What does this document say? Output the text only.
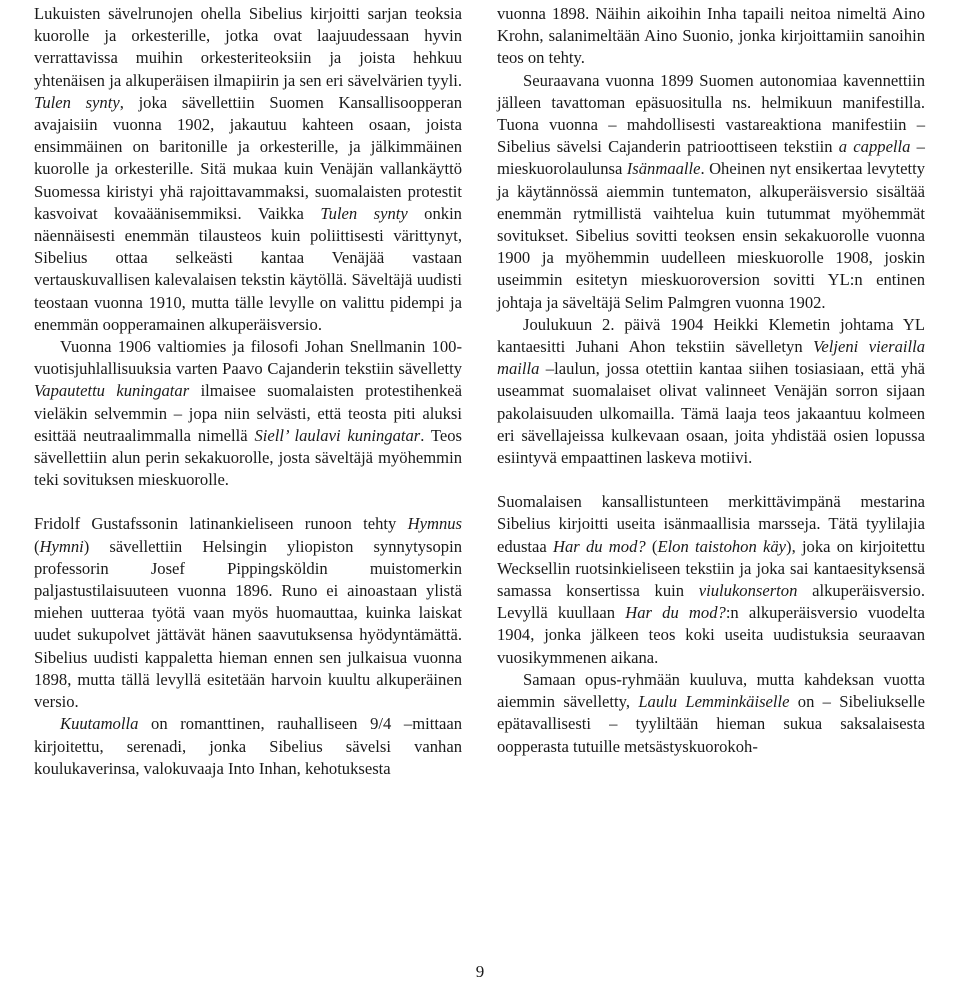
Lukuisten sävelrunojen ohella Sibelius kirjoitti sarjan teoksia kuorolle ja orkesterille, jotka ovat laajuudessaan hyvin verrattavissa muihin orkesteriteoksiin ja joista hehkuu yhtenäisen ja alkuperäisen ilmapiirin ja sen eri sävelvärien tyyli. Tulen synty, joka sävellettiin Suomen Kansallisoopperan avajaisiin vuonna 1902, jakautuu kahteen osaan, joista ensimmäinen on baritonille ja orkesterille, ja jälkimmäinen kuorolle ja orkesterille. Sitä mukaa kuin Venäjän vallankäyttö Suomessa kiristyi yhä rajoittavammaksi, suomalaisten protestit kasvoivat kovaäänisemmiksi. Vaikka Tulen synty onkin näennäisesti enemmän tilausteos kuin poliittisesti värittynyt, Sibelius ottaa selkeästi kantaa Venäjää vastaan vertauskuvallisen kalevalaisen tekstin käytöllä. Säveltäjä uudisti teostaan vuonna 1910, mutta tälle levylle on valittu pidempi ja enemmän oopperamainen alkuperäisversio.

Vuonna 1906 valtiomies ja filosofi Johan Snellmanin 100-vuotisjuhlallisuuksia varten Paavo Cajanderin tekstiin sävelletty Vapautettu kuningatar ilmaisee suomalaisten protestihenkeä vieläkin selvemmin – jopa niin selvästi, että teosta piti aluksi esittää neutraalimmalla nimellä Siell’ laulavi kuningatar. Teos sävellettiin alun perin sekakuorolle, josta säveltäjä myöhemmin teki sovituksen mieskuorolle.

Fridolf Gustafssonin latinankieliseen runoon tehty Hymnus (Hymni) sävellettiin Helsingin yliopiston synnytysopin professorin Josef Pippingsköldin muistomerkin paljastustilaisuuteen vuonna 1896. Runo ei ainoastaan ylistä miehen uutteraa työtä vaan myös huomauttaa, kuinka laiskat uudet sukupolvet jättävät hänen saavutuksensa hyödyntämättä. Sibelius uudisti kappaletta hieman ennen sen julkaisua vuonna 1898, mutta tällä levyllä esitetään harvoin kuultu alkuperäinen versio.

Kuutamolla on romanttinen, rauhalliseen 9/4 –mittaan kirjoitettu, serenadi, jonka Sibelius sävelsi vanhan koulukaverinsa, valokuvaaja Into Inhan, kehotuksesta

vuonna 1898. Näihin aikoihin Inha tapaili neitoa nimeltä Aino Krohn, salanimeltään Aino Suonio, jonka kirjoittamiin sanoihin teos on tehty.

Seuraavana vuonna 1899 Suomen autonomiaa kavennettiin jälleen tavattoman epäsuositulla ns. helmikuun manifestilla. Tuona vuonna – mahdollisesti vastareaktiona manifestiin – Sibelius sävelsi Cajanderin patrioottiseen tekstiin a cappella –mieskuorolaulunsa Isänmaalle. Oheinen nyt ensikertaa levytetty ja käytännössä aiemmin tuntematon, alkuperäisversio sisältää enemmän rytmillistä vaihtelua kuin tutummat myöhemmät sovitukset. Sibelius sovitti teoksen ensin sekakuorolle vuonna 1900 ja myöhemmin uudelleen mieskuorolle 1908, joskin useimmin esitetyn mieskuoroversion sovitti YL:n entinen johtaja ja säveltäjä Selim Palmgren vuonna 1902.

Joulukuun 2. päivä 1904 Heikki Klemetin johtama YL kantaesitti Juhani Ahon tekstiin sävelletyn Veljeni vierailla mailla –laulun, jossa otettiin kantaa siihen tosiasiaan, että yhä useammat suomalaiset olivat valinneet Venäjän sorron sijaan pakolaisuuden ulkomailla. Tämä laaja teos jakaantuu kolmeen eri sävellajeissa kulkevaan osaan, joita yhdistää osien lopussa esiintyvä empaattinen laskeva motiivi.

Suomalaisen kansallistunteen merkittävimpänä mestarina Sibelius kirjoitti useita isänmaallisia marsseja. Tätä tyylilajia edustaa Har du mod? (Elon taistohon käy), joka on kirjoitettu Wecksellin ruotsinkieliseen tekstiin ja joka sai kantaesityksensä samassa konsertissa kuin viulukonserton alkuperäisversio. Levyllä kuullaan Har du mod?:n alkuperäisversio vuodelta 1904, jonka jälkeen teos koki useita uudistuksia seuraavan vuosikymmenen aikana.

Samaan opus-ryhmään kuuluva, mutta kahdeksan vuotta aiemmin sävelletty, Laulu Lemminkäiselle on – Sibeliukselle epätavallisesti – tyyliltään hieman sukua saksalaisesta oopperasta tutuille metsästyskuorokoh-

9
